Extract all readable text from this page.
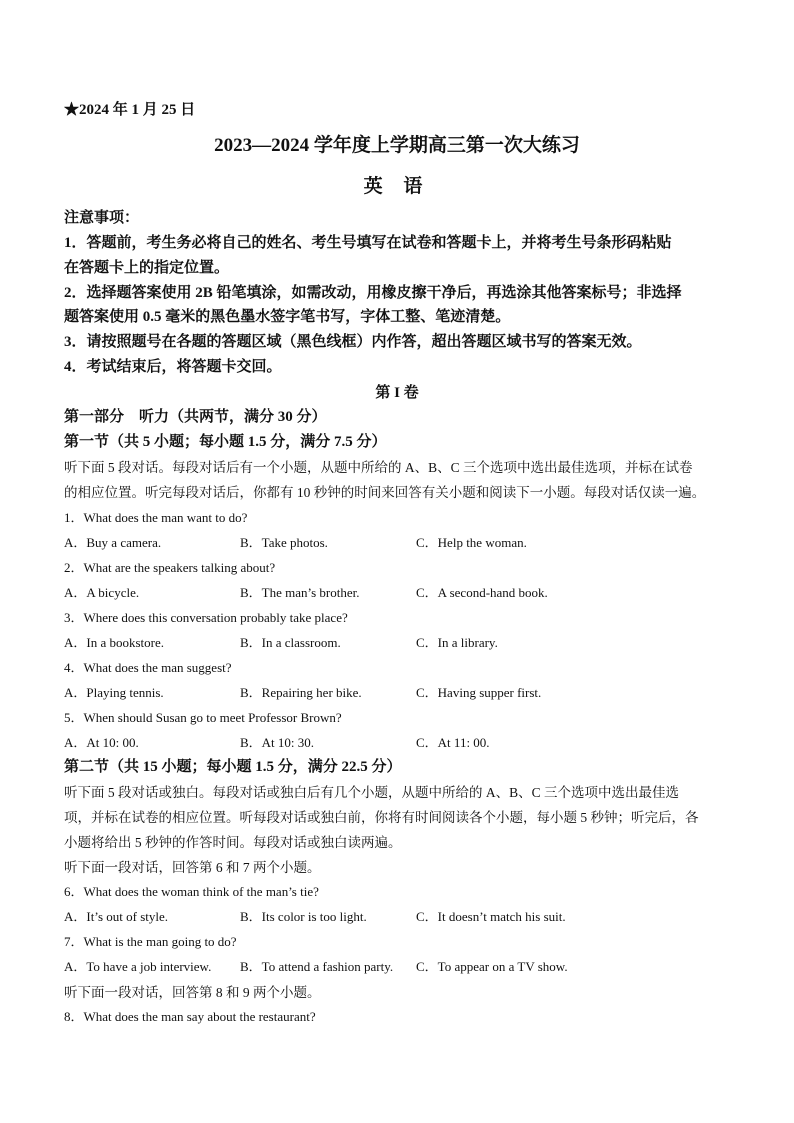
★2024 年 1 月 25 日
2023—2024 学年度上学期高三第一次大练习
英 语
注意事项：
1．答题前，考生务必将自己的姓名、考生号填写在试卷和答题卡上，并将考生号条形码粘贴
在答题卡上的指定位置。
2．选择题答案使用 2B 铅笔填涂，如需改动，用橡皮擦干净后，再选涂其他答案标号；非选择
题答案使用 0.5 毫米的黑色墨水签字笔书写，字体工整、笔迹清楚。
3．请按照题号在各题的答题区域（黑色线框）内作答，超出答题区域书写的答案无效。
4．考试结束后，将答题卡交回。
第 I 卷
第一部分　听力（共两节，满分 30 分）
第一节（共 5 小题；每小题 1.5 分，满分 7.5 分）
听下面 5 段对话。每段对话后有一个小题，从题中所给的 A、B、C 三个选项中选出最佳选项，并标在试卷
的相应位置。听完每段对话后，你都有 10 秒钟的时间来回答有关小题和阅读下一小题。每段对话仅读一遍。
1．What does the man want to do?
A．Buy a camera.	B．Take photos.	C．Help the woman.
2．What are the speakers talking about?
A．A bicycle.	B．The man’s brother.	C．A second-hand book.
3．Where does this conversation probably take place?
A．In a bookstore.	B．In a classroom.	C．In a library.
4．What does the man suggest?
A．Playing tennis.	B．Repairing her bike.	C．Having supper first.
5．When should Susan go to meet Professor Brown?
A．At 10: 00.	B．At 10: 30.	C．At 11: 00.
第二节（共 15 小题；每小题 1.5 分，满分 22.5 分）
听下面 5 段对话或独白。每段对话或独白后有几个小题，从题中所给的 A、B、C 三个选项中选出最佳选
项，并标在试卷的相应位置。听每段对话或独白前，你将有时间阅读各个小题，每小题 5 秒钟；听完后，各
小题将给出 5 秒钟的作答时间。每段对话或独白读两遍。
听下面一段对话，回答第 6 和 7 两个小题。
6．What does the woman think of the man’s tie?
A．It’s out of style.	B．Its color is too light.	C．It doesn’t match his suit.
7．What is the man going to do?
A．To have a job interview. B．To attend a fashion party. C．To appear on a TV show.
听下面一段对话，回答第 8 和 9 两个小题。
8．What does the man say about the restaurant?
